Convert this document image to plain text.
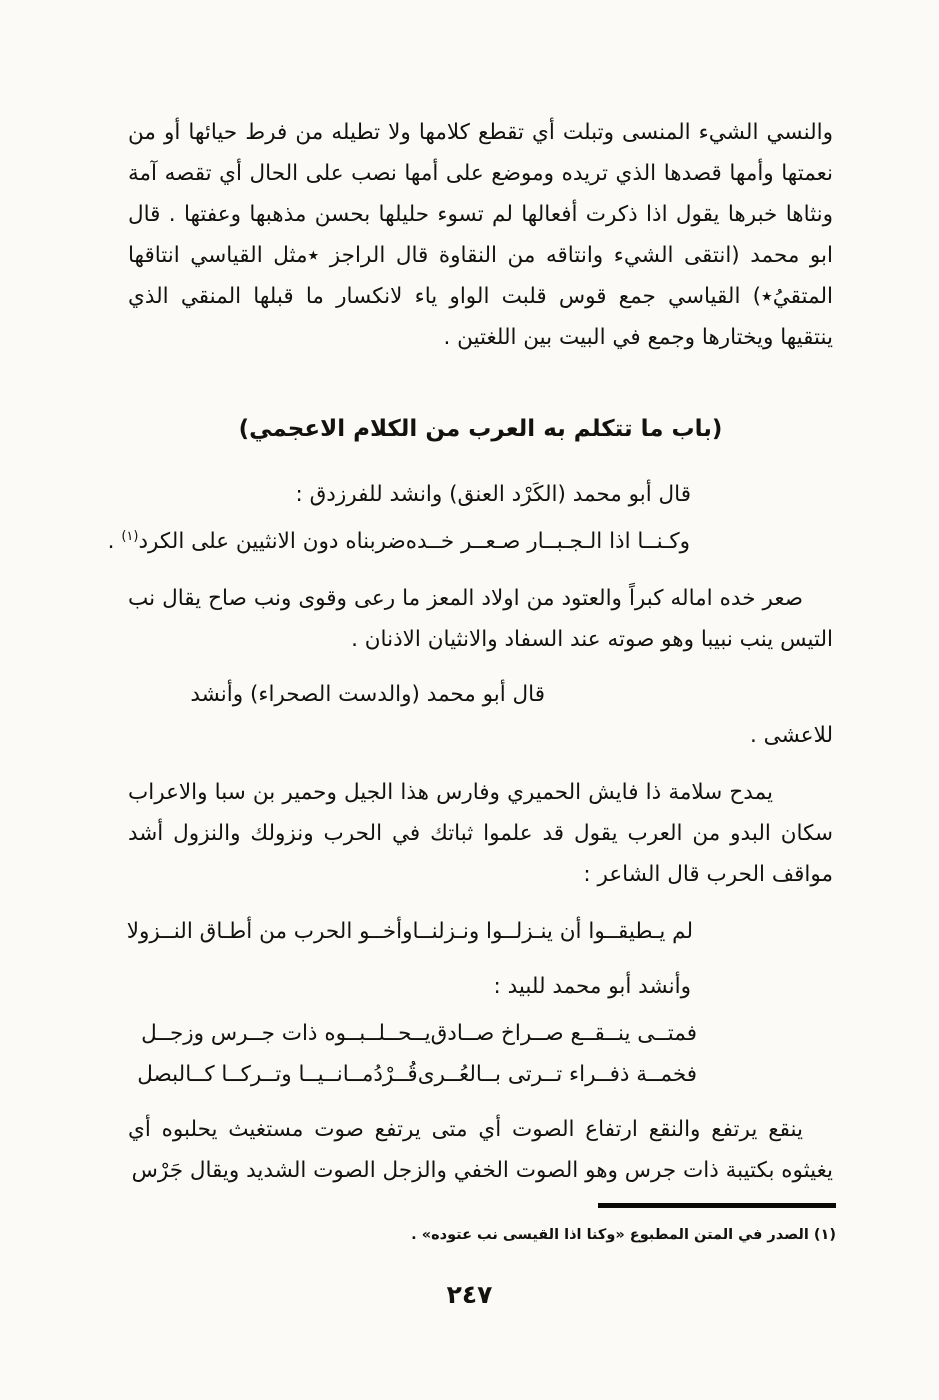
والنسي الشيء المنسى وتبلت أي تقطع كلامها ولا تطيله من فرط حيائها أو من نعمتها وأمها قصدها الذي تريده وموضع على أمها نصب على الحال أي تقصه آمة ونثاها خبرها يقول اذا ذكرت أفعالها لم تسوء حليلها بحسن مذهبها وعفتها . قال ابو محمد (انتقى الشيء وانتاقه من النقاوة قال الراجز ٭مثل القياسي انتاقها المتقيُ٭) القياسي جمع قوس قلبت الواو ياء لانكسار ما قبلها المنقي الذي ينتقيها ويختارها وجمع في البيت بين اللغتين .

(باب ما تتكلم به العرب من الكلام الاعجمي)

قال أبو محمد (الكَرْد العنق) وانشد للفرزدق :

وكـنــا اذا الـجـبــار صـعــر خــده
ضربناه دون الانثيين على الكرد$^{(١)}$ .

صعر خده اماله كبراً والعتود من اولاد المعز ما رعى وقوى ونب صاح يقال نب التيس ينب نبيبا وهو صوته عند السفاد والانثيان الاذنان .

قال أبو محمد (والدست الصحراء) وأنشد للاعشى .

يمدح سلامة ذا فايش الحميري وفارس هذا الجيل وحمير بن سبا والاعراب سكان البدو من العرب يقول قد علموا ثباتك في الحرب ونزولك والنزول أشد مواقف الحرب قال الشاعر :

لم يـطيقــوا أن ينـزلــوا ونـزلنــا
وأخــو الحرب من أطـاق النــزولا

وأنشد أبو محمد للبيد :

فمتــى ينــقــع صــراخ صــادق
يــحــلــبــوه ذات جــرس وزجــل
فخمــة ذفــراء تــرتى بــالعُــرى
قُــرْدُمــانــيــا وتــركــا كــالبصل

ينقع يرتفع والنقع ارتفاع الصوت أي متى يرتفع صوت مستغيث يحلبوه أي يغيثوه بكتيبة ذات جرس وهو الصوت الخفي والزجل الصوت الشديد ويقال جَرْس

(١) الصدر في المتن المطبوع «وكنا اذا القيسى نب عتوده» .

٢٤٧
